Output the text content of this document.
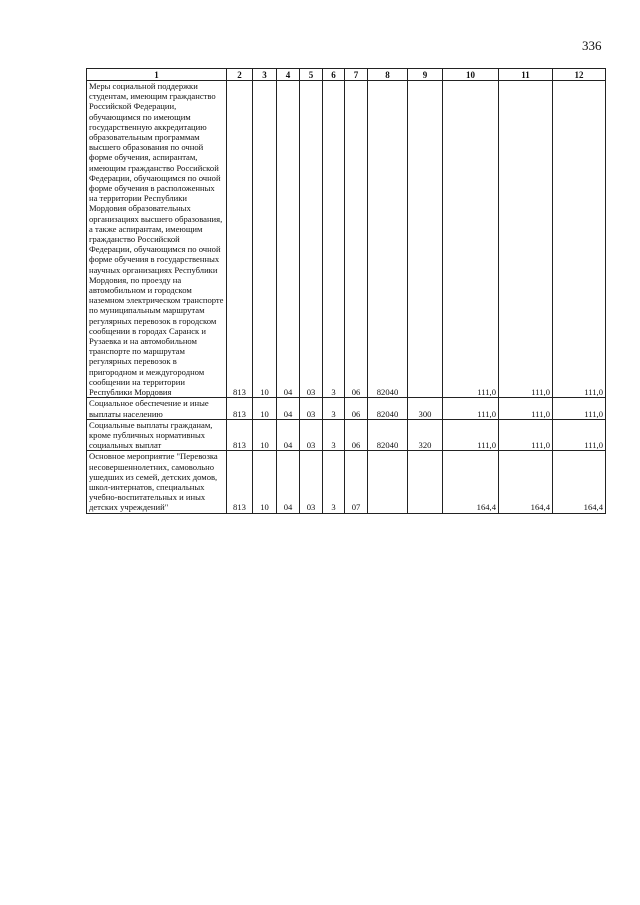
336
1	2	3	4	5	6	7	8	9	10	11	12
Меры социальной поддержки студентам, имеющим гражданство Российской Федерации, обучающимся по имеющим государственную аккредитацию образовательным программам высшего образования по очной форме обучения, аспирантам, имеющим гражданство Российской Федерации, обучающимся по очной форме обучения в расположенных на территории Республики Мордовия образовательных организациях высшего образования, а также аспирантам, имеющим гражданство Российской Федерации, обучающимся по очной форме обучения в государственных научных организациях Республики Мордовия, по проезду на автомобильном и городском наземном электрическом транспорте по муниципальным маршрутам регулярных перевозок в городском сообщении в городах Саранск и Рузаевка и на автомобильном транспорте по маршрутам регулярных перевозок в пригородном и междугородном сообщении на территории Республики Мордовия	813	10	04	03	3	06	82040		111,0	111,0	111,0
Социальное обеспечение и иные выплаты населению	813	10	04	03	3	06	82040	300	111,0	111,0	111,0
Социальные выплаты гражданам, кроме публичных нормативных социальных выплат	813	10	04	03	3	06	82040	320	111,0	111,0	111,0
Основное мероприятие "Перевозка несовершеннолетних, самовольно ушедших из семей, детских домов, школ-интернатов, специальных учебно-воспитательных и иных детских учреждений"	813	10	04	03	3	07			164,4	164,4	164,4
